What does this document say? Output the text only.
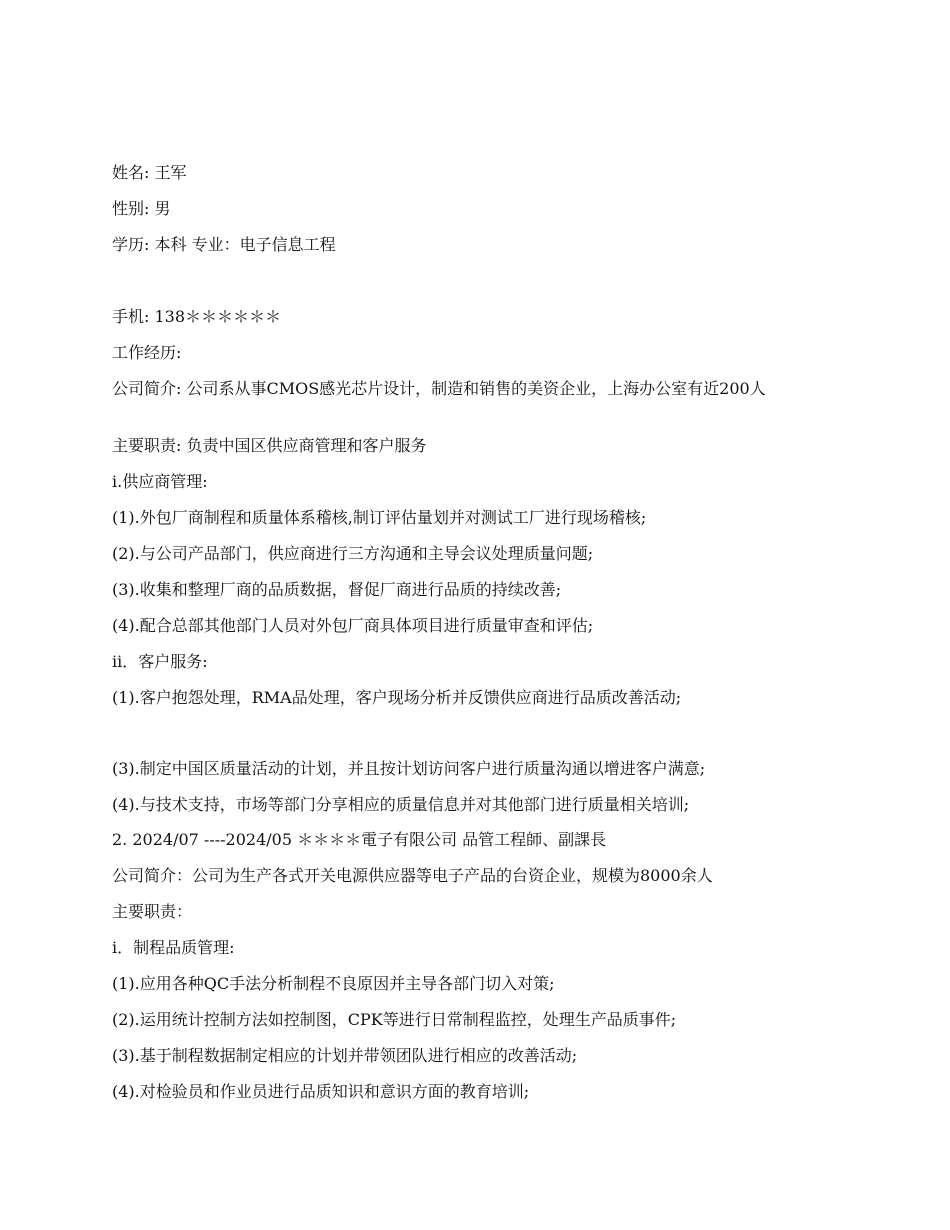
姓名: 王军
性别: 男
学历: 本科 专业：电子信息工程
手机: 138＊＊＊＊＊＊
工作经历:
公司简介: 公司系从事CMOS感光芯片设计，制造和销售的美资企业，上海办公室有近200人
主要职责: 负责中国区供应商管理和客户服务
i.供应商管理:
(1).外包厂商制程和质量体系稽核,制订评估量划并对测试工厂进行现场稽核;
(2).与公司产品部门，供应商进行三方沟通和主导会议处理质量问题;
(3).收集和整理厂商的品质数据，督促厂商进行品质的持续改善;
(4).配合总部其他部门人员对外包厂商具体项目进行质量审查和评估;
ii．客户服务:
(1).客户抱怨处理，RMA品处理，客户现场分析并反馈供应商进行品质改善活动;
(3).制定中国区质量活动的计划，并且按计划访问客户进行质量沟通以增进客户满意;
(4).与技术支持，市场等部门分享相应的质量信息并对其他部门进行质量相关培训;
2. 2024/07 ----2024/05 ＊＊＊＊電子有限公司 品管工程師、副課長
公司简介：公司为生产各式开关电源供应器等电子产品的台资企业，规模为8000余人
主要职责：
i．制程品质管理:
(1).应用各种QC手法分析制程不良原因并主导各部门切入对策;
(2).运用统计控制方法如控制图，CPK等进行日常制程监控，处理生产品质事件;
(3).基于制程数据制定相应的计划并带领团队进行相应的改善活动;
(4).对检验员和作业员进行品质知识和意识方面的教育培训;
